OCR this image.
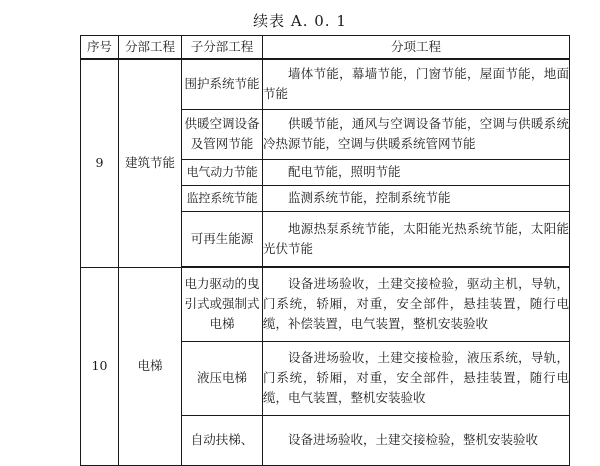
续表 A. 0. 1
序号	分部工程	子分部工程	分项工程
9	建筑节能	围护系统节能	墙体节能，幕墙节能，门窗节能，屋面节能，地面节能
		供暖空调设备及管网节能	供暖节能，通风与空调设备节能，空调与供暖系统冷热源节能，空调与供暖系统管网节能
		电气动力节能	配电节能，照明节能
		监控系统节能	监测系统节能，控制系统节能
		可再生能源	地源热泵系统节能，太阳能光热系统节能，太阳能光伏节能
10	电梯	电力驱动的曳引式或强制式电梯	设备进场验收，土建交接检验，驱动主机，导轨，门系统，轿厢，对重，安全部件，悬挂装置，随行电缆，补偿装置，电气装置，整机安装验收
		液压电梯	设备进场验收，土建交接检验，液压系统，导轨，门系统，轿厢，对重，安全部件，悬挂装置，随行电缆，电气装置，整机安装验收
		自动扶梯、	设备进场验收，土建交接检验，整机安装验收
